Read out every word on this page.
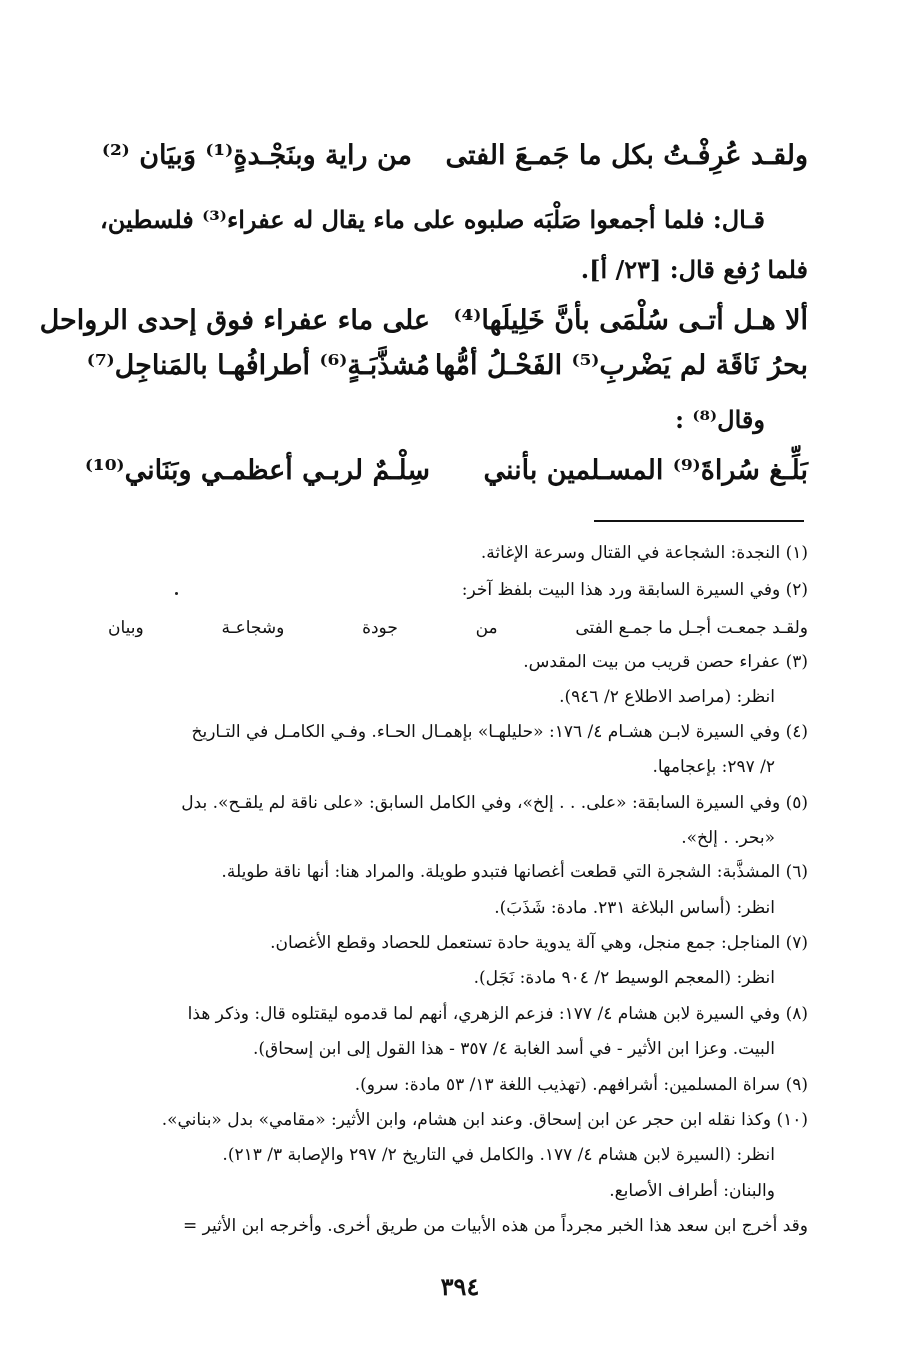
ولقـد عُرِفْـتُ بكل ما جَمـعَ الفتى
من راية وبنَجْـدةٍ⁽¹⁾ وَبيَان ⁽²⁾
قـال: فلما أجمعوا صَلْبَه صلبوه على ماء يقال له عفراء⁽³⁾ فلسطين،
فلما رُفع قال: [٢٣/ أ].
ألا هـل أتـى سُلْمَى بأنَّ خَلِيلَها⁽⁴⁾
على ماء عفراء فوق إحدى الرواحل
بحرُ نَاقَة لم يَضْربِ⁽⁵⁾ الفَحْـلُ أمُّها
مُشذَّبَـةٍ⁽⁶⁾ أطرافُهـا بالمَناجِل⁽⁷⁾
وقال⁽⁸⁾ :
بَلِّـغ سُراةَ⁽⁹⁾ المسـلمين بأنني
سِلْـمٌ لربـي أعظمـي وبَنَاني⁽¹⁰⁾
(١) النجدة: الشجاعة في القتال وسرعة الإغاثة.
(٢) وفي السيرة السابقة ورد هذا البيت بلفظ آخر:
ولقـد جمعـت أجـل ما جمـع الفتى
من
جودة
وشجاعـة
وبيان
(٣) عفراء حصن قريب من بيت المقدس.
انظر: (مراصد الاطلاع ٢/ ٩٤٦).
(٤) وفي السيرة لابـن هشـام ٤/ ١٧٦: «حليلهـا» بإهمـال الحـاء. وفـي الكامـل في التـاريخ
٢/ ٢٩٧: بإعجامها.
(٥) وفي السيرة السابقة: «على. . . إلخ»، وفي الكامل السابق: «على ناقة لم يلقـح». بدل
«بحر. . إلخ».
(٦) المشذَّبة: الشجرة التي قطعت أغصانها فتبدو طويلة. والمراد هنا: أنها ناقة طويلة.
انظر: (أساس البلاغة ٢٣١. مادة: شَذَبَ).
(٧) المناجل: جمع منجل، وهي آلة يدوية حادة تستعمل للحصاد وقطع الأغصان.
انظر: (المعجم الوسيط ٢/ ٩٠٤ مادة: نَجَل).
(٨) وفي السيرة لابن هشام ٤/ ١٧٧: فزعم الزهري، أنهم لما قدموه ليقتلوه قال: وذكر هذا
البيت. وعزا ابن الأثير - في أسد الغابة ٤/ ٣٥٧ - هذا القول إلى ابن إسحاق).
(٩) سراة المسلمين: أشرافهم. (تهذيب اللغة ١٣/ ٥٣ مادة: سرو).
(١٠) وكذا نقله ابن حجر عن ابن إسحاق. وعند ابن هشام، وابن الأثير: «مقامي» بدل «بناني».
انظر: (السيرة لابن هشام ٤/ ١٧٧. والكامل في التاريخ ٢/ ٢٩٧ والإصابة ٣/ ٢١٣).
والبنان: أطراف الأصابع.
وقد أخرج ابن سعد هذا الخبر مجرداً من هذه الأبيات من طريق أخرى. وأخرجه ابن الأثير =
٣٩٤
